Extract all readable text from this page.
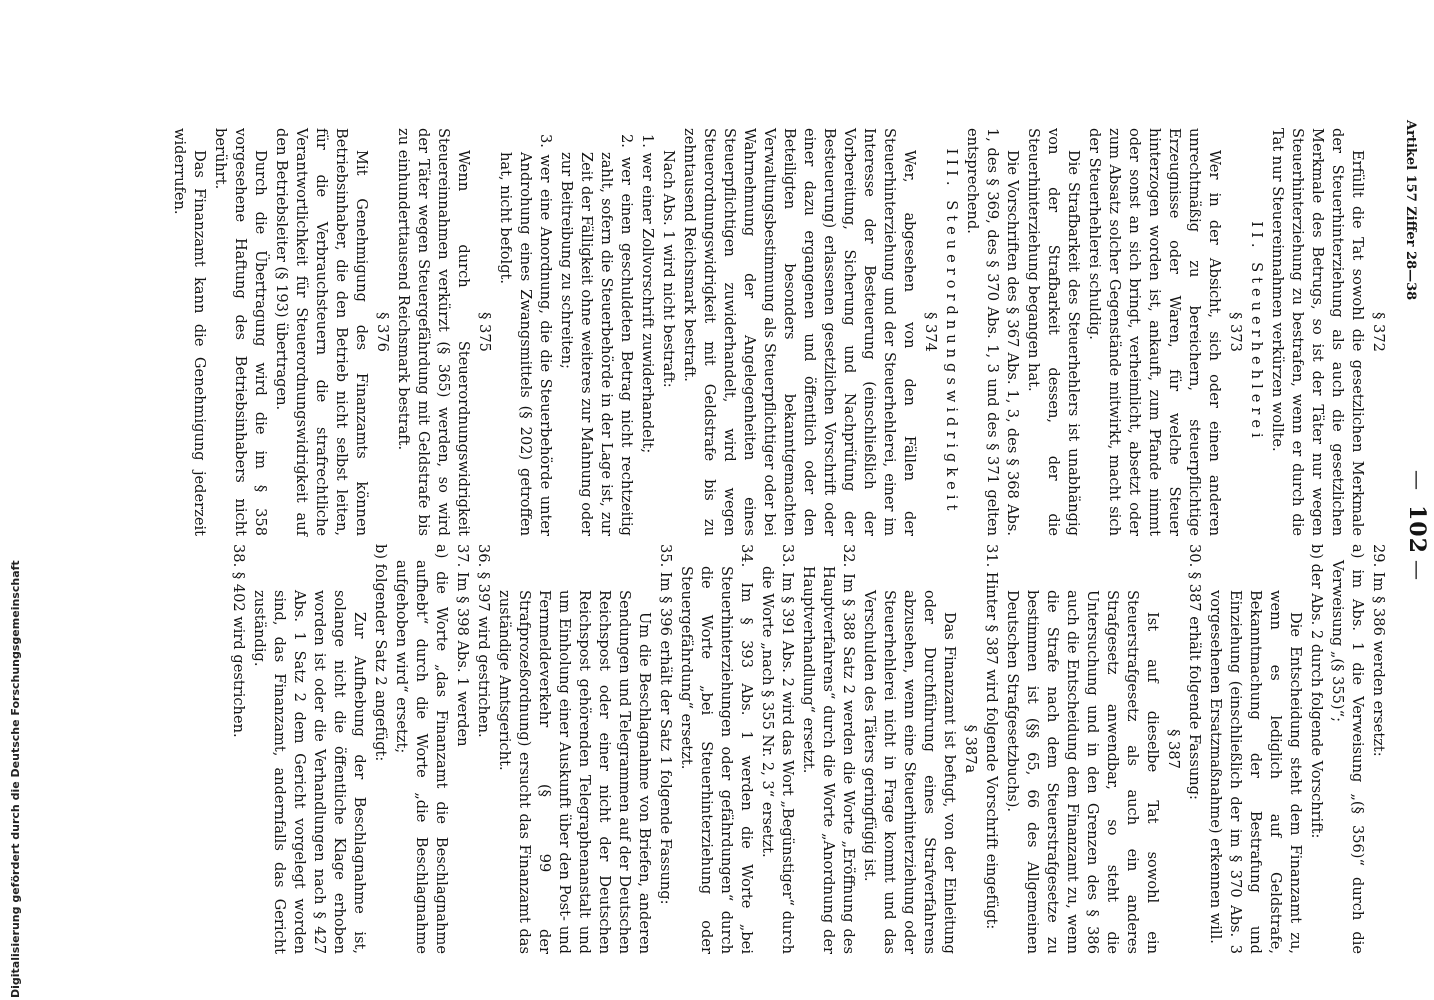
Artikel 157 Ziffer 28—38
—
102
—

§ 372

Erfüllt die Tat sowohl die gesetzlichen Merkmale der Steuerhinterziehung als auch die gesetzlichen Merkmale des Betrugs, so ist der Täter nur wegen Steuerhinterziehung zu bestrafen, wenn er durch die Tat nur Steuereinnahmen verkürzen wollte.

II. Steuerhehlerei

§ 373

Wer in der Absicht, sich oder einen anderen unrechtmäßig zu bereichern, steuerpflichtige Erzeugnisse oder Waren, für welche Steuer hinterzogen worden ist, ankauft, zum Pfande nimmt oder sonst an sich bringt, verheimlicht, absetzt oder zum Absatz solcher Gegenstände mitwirkt, macht sich der Steuerhehlerei schuldig.

Die Strafbarkeit des Steuerhehlers ist unabhängig von der Strafbarkeit dessen, der die Steuerhinterziehung begangen hat.

Die Vorschriften des § 367 Abs. 1, 3, des § 368 Abs. 1, des § 369, des § 370 Abs. 1, 3 und des § 371 gelten entsprechend.

III. Steuerordnungswidrigkeit

§ 374

Wer, abgesehen von den Fällen der Steuerhinterziehung und der Steuerhehlerei, einer im Interesse der Besteuerung (einschließlich der Vorbereitung, Sicherung und Nachprüfung der Besteuerung) erlassenen gesetzlichen Vorschrift oder einer dazu ergangenen und öffentlich oder den Beteiligten besonders bekanntgemachten Verwaltungsbestimmung als Steuerpflichtiger oder bei Wahrnehmung der Angelegenheiten eines Steuerpflichtigen zuwiderhandelt, wird wegen Steuerordnungswidrigkeit mit Geldstrafe bis zu zehntausend Reichsmark bestraft.

Nach Abs. 1 wird nicht bestraft:

1. wer einer Zollvorschrift zuwiderhandelt;

2. wer einen geschuldeten Betrag nicht rechtzeitig zahlt, sofern die Steuerbehörde in der Lage ist, zur Zeit der Fälligkeit ohne weiteres zur Mahnung oder zur Beitreibung zu schreiten;

3. wer eine Anordnung, die die Steuerbehörde unter Androhung eines Zwangsmittels (§ 202) getroffen hat, nicht befolgt.

§ 375

Wenn durch Steuerordnungswidrigkeit Steuereinnahmen verkürzt (§ 365) werden, so wird der Täter wegen Steuergefährdung mit Geldstrafe bis zu einhunderttausend Reichsmark bestraft.

§ 376

Mit Genehmigung des Finanzamts können Betriebsinhaber, die den Betrieb nicht selbst leiten, für die Verbrauchsteuern die strafrechtliche Verantwortlichkeit für Steuerordnungswidrigkeit auf den Betriebsleiter (§ 193) übertragen.

Durch die Übertragung wird die im § 358 vorgesehene Haftung des Betriebsinhabers nicht berührt.

Das Finanzamt kann die Genehmigung jederzeit widerrufen.

29. Im § 386 werden ersetzt:

a) im Abs. 1 die Verweisung „(§ 356)“ durch die Verweisung „(§ 355)“;

b) der Abs. 2 durch folgende Vorschrift:

Die Entscheidung steht dem Finanzamt zu, wenn es lediglich auf Geldstrafe, Bekanntmachung der Bestrafung und Einziehung (einschließlich der im § 370 Abs. 3 vorgesehenen Ersatzmaßnahme) erkennen will.

30. § 387 erhält folgende Fassung:

§ 387

Ist auf dieselbe Tat sowohl ein Steuerstrafgesetz als auch ein anderes Strafgesetz anwendbar, so steht die Untersuchung und in den Grenzen des § 386 auch die Entscheidung dem Finanzamt zu, wenn die Strafe nach dem Steuerstrafgesetze zu bestimmen ist (§§ 65, 66 des Allgemeinen Deutschen Strafgesetzbuchs).

31. Hinter § 387 wird folgende Vorschrift eingefügt:

§ 387a

Das Finanzamt ist befugt, von der Einleitung oder Durchführung eines Strafverfahrens abzusehen, wenn eine Steuerhinterziehung oder Steuerhehlerei nicht in Frage kommt und das Verschulden des Täters geringfügig ist.

32. Im § 388 Satz 2 werden die Worte „Eröffnung des Hauptverfahrens“ durch die Worte „Anordnung der Hauptverhandlung“ ersetzt.

33. Im § 391 Abs. 2 wird das Wort „Begünstiger“ durch die Worte „nach § 355 Nr. 2, 3“ ersetzt.

34. Im § 393 Abs. 1 werden die Worte „bei Steuerhinterziehungen oder gefährdungen“ durch die Worte „bei Steuerhinterziehung oder Steuergefährdung“ ersetzt.

35. Im § 396 erhält der Satz 1 folgende Fassung:

Um die Beschlagnahme von Briefen, anderen Sendungen und Telegrammen auf der Deutschen Reichspost oder einer nicht der Deutschen Reichspost gehörenden Telegraphenanstalt und um Einholung einer Auskunft über den Post- und Fernmeldeverkehr (§ 99 der Strafprozeßordnung) ersucht das Finanzamt das zuständige Amtsgericht.

36. § 397 wird gestrichen.

37. Im § 398 Abs. 1 werden

a) die Worte „das Finanzamt die Beschlagnahme aufhebt“ durch die Worte „die Beschlagnahme aufgehoben wird“ ersetzt;

b) folgender Satz 2 angefügt:

Zur Aufhebung der Beschlagnahme ist, solange nicht die öffentliche Klage erhoben worden ist oder die Verhandlungen nach § 427 Abs. 1 Satz 2 dem Gericht vorgelegt worden sind, das Finanzamt, andernfalls das Gericht zuständig.

38. § 402 wird gestrichen.

Digitalisierung gefördert durch die Deutsche Forschungsgemeinschaft
